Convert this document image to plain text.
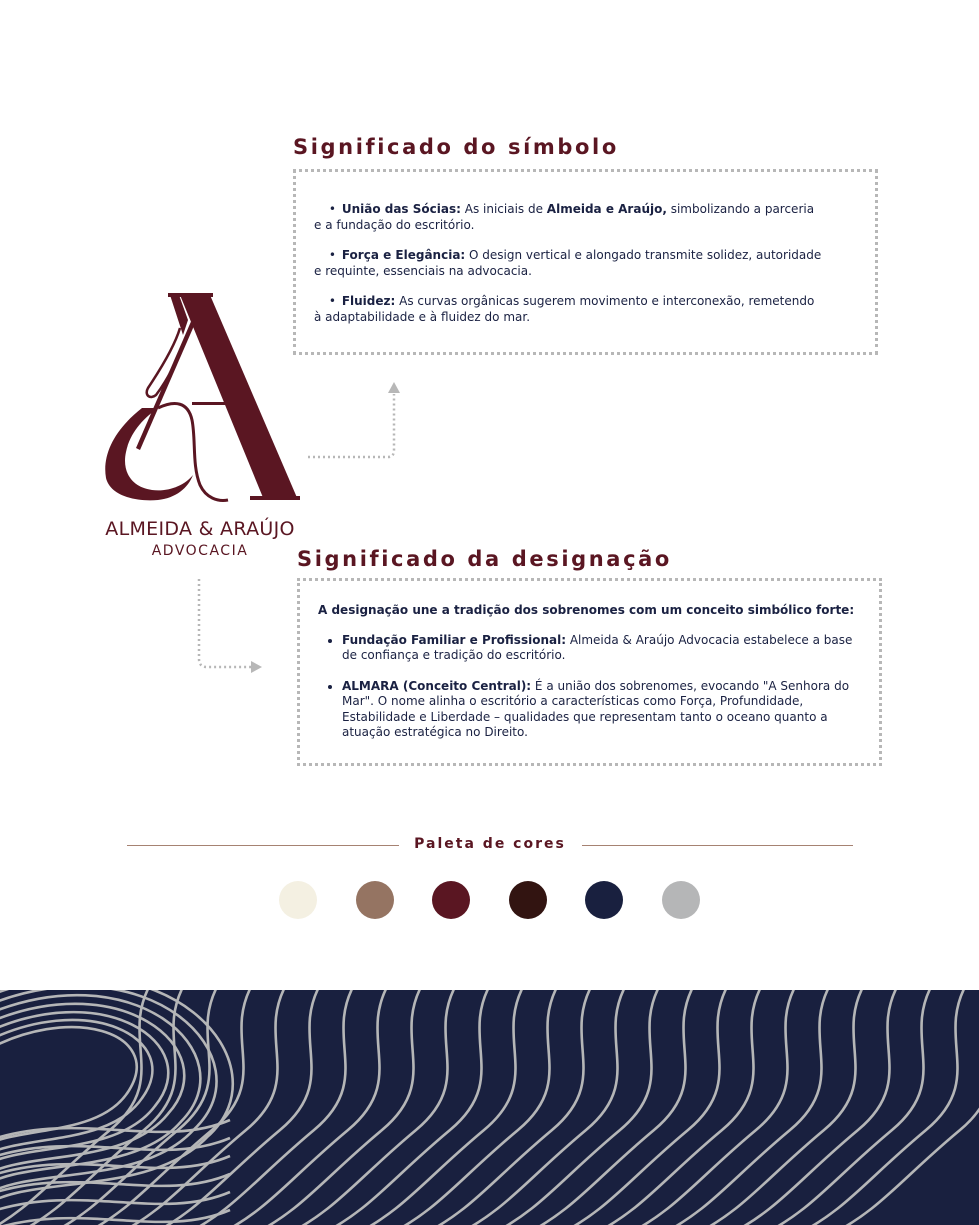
Significado do símbolo
• União das Sócias: As iniciais de Almeida e Araújo, simbolizando a parceria
e a fundação do escritório.
• Força e Elegância: O design vertical e alongado transmite solidez, autoridade
e requinte, essenciais na advocacia.
• Fluidez: As curvas orgânicas sugerem movimento e interconexão, remetendo
à adaptabilidade e à fluidez do mar.
ALMEIDA & ARAÚJO
ADVOCACIA	Significado da designação

A designação une a tradição dos sobrenomes com um conceito simbólico forte:

• Fundação Familiar e Profissional: Almeida & Araújo Advocacia estabelece a base de confiança e tradição do escritório.
• ALMARA (Conceito Central): É a união dos sobrenomes, evocando "A Senhora do Mar". O nome alinha o escritório a características como Força, Profundidade, Estabilidade e Liberdade – qualidades que representam tanto o oceano quanto a atuação estratégica no Direito.
Paleta de cores
